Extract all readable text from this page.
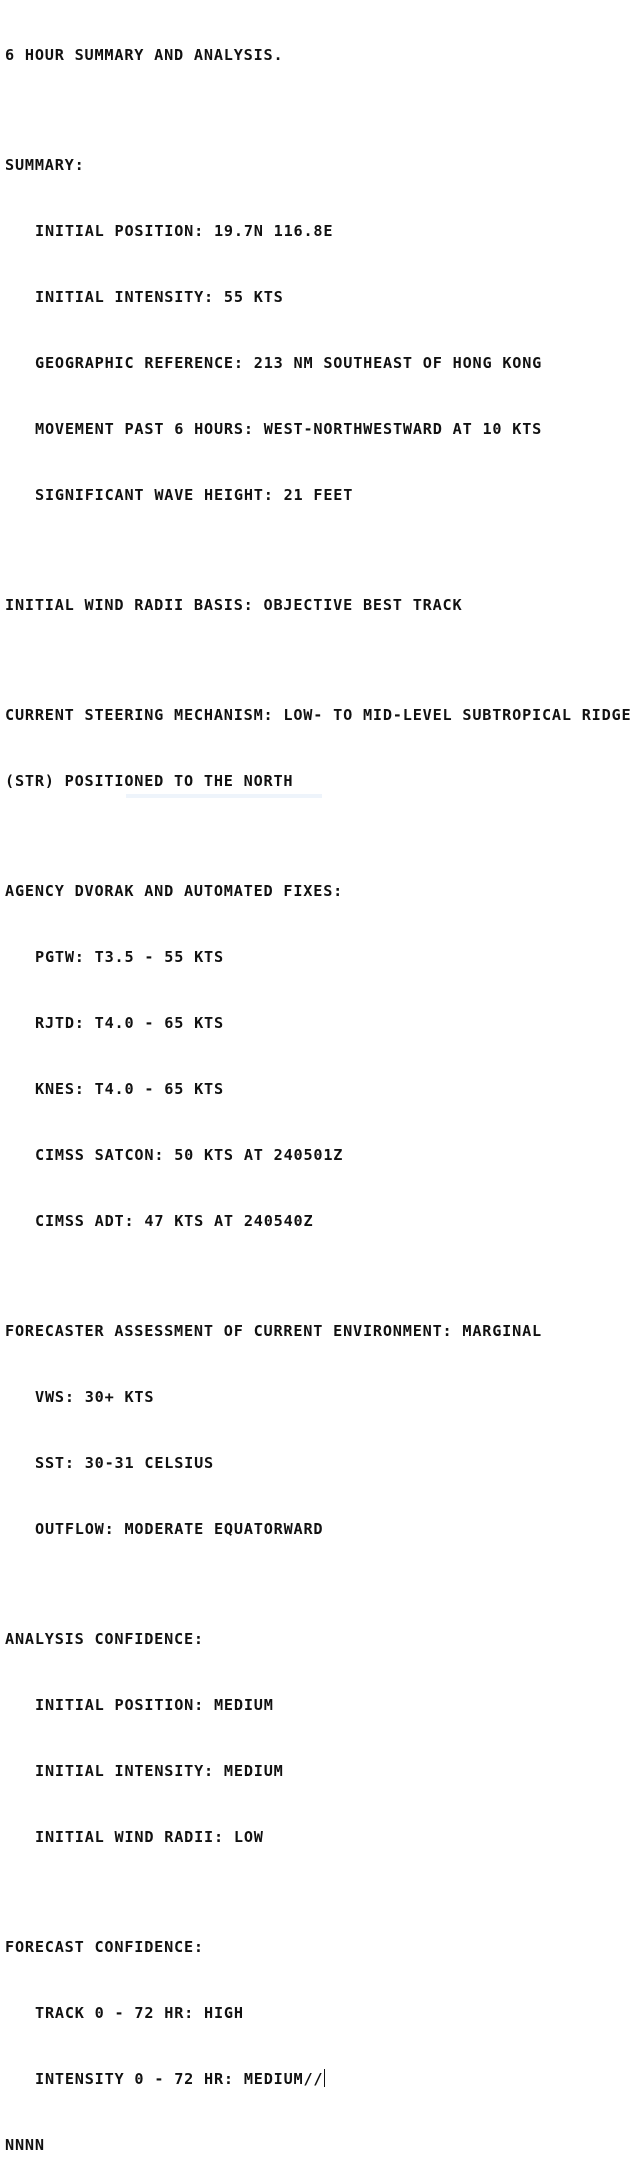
6 HOUR SUMMARY AND ANALYSIS.

SUMMARY:

INITIAL POSITION: 19.7N 116.8E

INITIAL INTENSITY: 55 KTS

GEOGRAPHIC REFERENCE: 213 NM SOUTHEAST OF HONG KONG

MOVEMENT PAST 6 HOURS: WEST-NORTHWESTWARD AT 10 KTS

SIGNIFICANT WAVE HEIGHT: 21 FEET

INITIAL WIND RADII BASIS: OBJECTIVE BEST TRACK

CURRENT STEERING MECHANISM: LOW- TO MID-LEVEL SUBTROPICAL RIDGE

(STR) POSITIONED TO THE NORTH

AGENCY DVORAK AND AUTOMATED FIXES:

PGTW: T3.5 - 55 KTS

RJTD: T4.0 - 65 KTS

KNES: T4.0 - 65 KTS

CIMSS SATCON: 50 KTS AT 240501Z

CIMSS ADT: 47 KTS AT 240540Z

FORECASTER ASSESSMENT OF CURRENT ENVIRONMENT: MARGINAL

VWS: 30+ KTS

SST: 30-31 CELSIUS

OUTFLOW: MODERATE EQUATORWARD

ANALYSIS CONFIDENCE:

INITIAL POSITION: MEDIUM

INITIAL INTENSITY: MEDIUM

INITIAL WIND RADII: LOW

FORECAST CONFIDENCE:

TRACK 0 - 72 HR: HIGH

INTENSITY 0 - 72 HR: MEDIUM//

NNNN
